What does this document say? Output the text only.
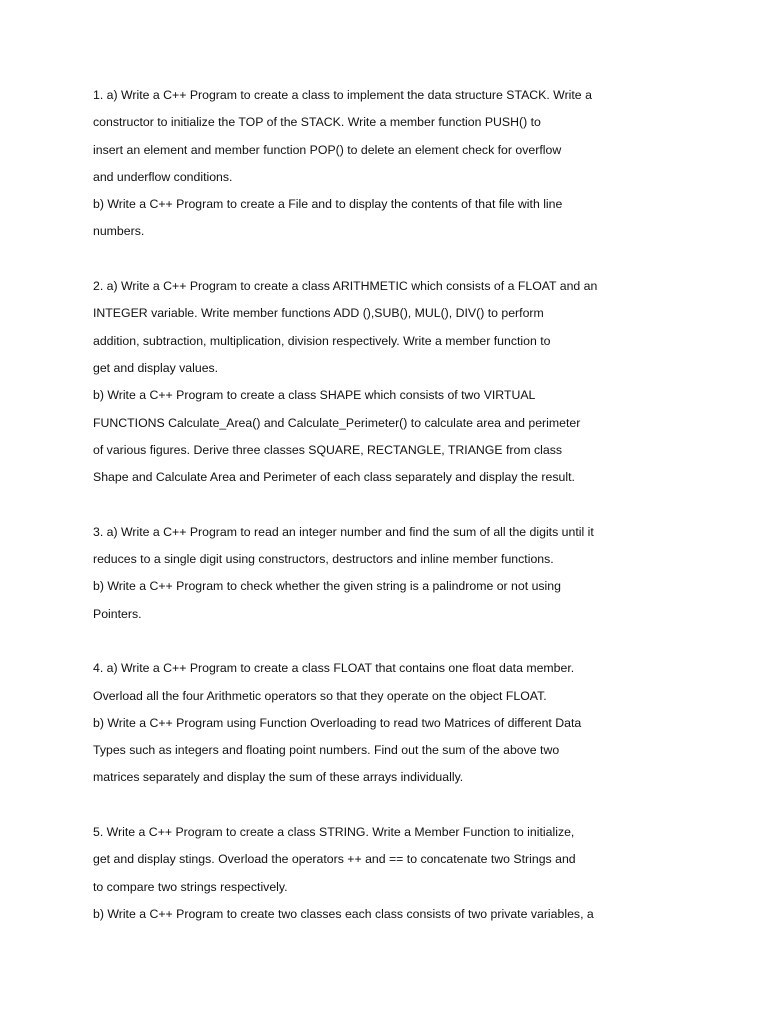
1. a) Write a C++ Program to create a class to implement the data structure STACK. Write a
constructor to initialize the TOP of the STACK. Write a member function PUSH() to
insert an element and member function POP() to delete an element check for overflow
and underflow conditions.
b) Write a C++ Program to create a File and to display the contents of that file with line
numbers.
2. a) Write a C++ Program to create a class ARITHMETIC which consists of a FLOAT and an
INTEGER variable. Write member functions ADD (),SUB(), MUL(), DIV() to perform
addition, subtraction, multiplication, division respectively. Write a member function to
get and display values.
b) Write a C++ Program to create a class SHAPE which consists of two VIRTUAL
FUNCTIONS Calculate_Area() and Calculate_Perimeter() to calculate area and perimeter
of various figures. Derive three classes SQUARE, RECTANGLE, TRIANGE from class
Shape and Calculate Area and Perimeter of each class separately and display the result.
3. a) Write a C++ Program to read an integer number and find the sum of all the digits until it
reduces to a single digit using constructors, destructors and inline member functions.
b) Write a C++ Program to check whether the given string is a palindrome or not using
Pointers.
4. a) Write a C++ Program to create a class FLOAT that contains one float data member.
Overload all the four Arithmetic operators so that they operate on the object FLOAT.
b) Write a C++ Program using Function Overloading to read two Matrices of different Data
Types such as integers and floating point numbers. Find out the sum of the above two
matrices separately and display the sum of these arrays individually.
5. Write a C++ Program to create a class STRING. Write a Member Function to initialize,
get and display stings. Overload the operators ++ and == to concatenate two Strings and
to compare two strings respectively.
b) Write a C++ Program to create two classes each class consists of two private variables, a
